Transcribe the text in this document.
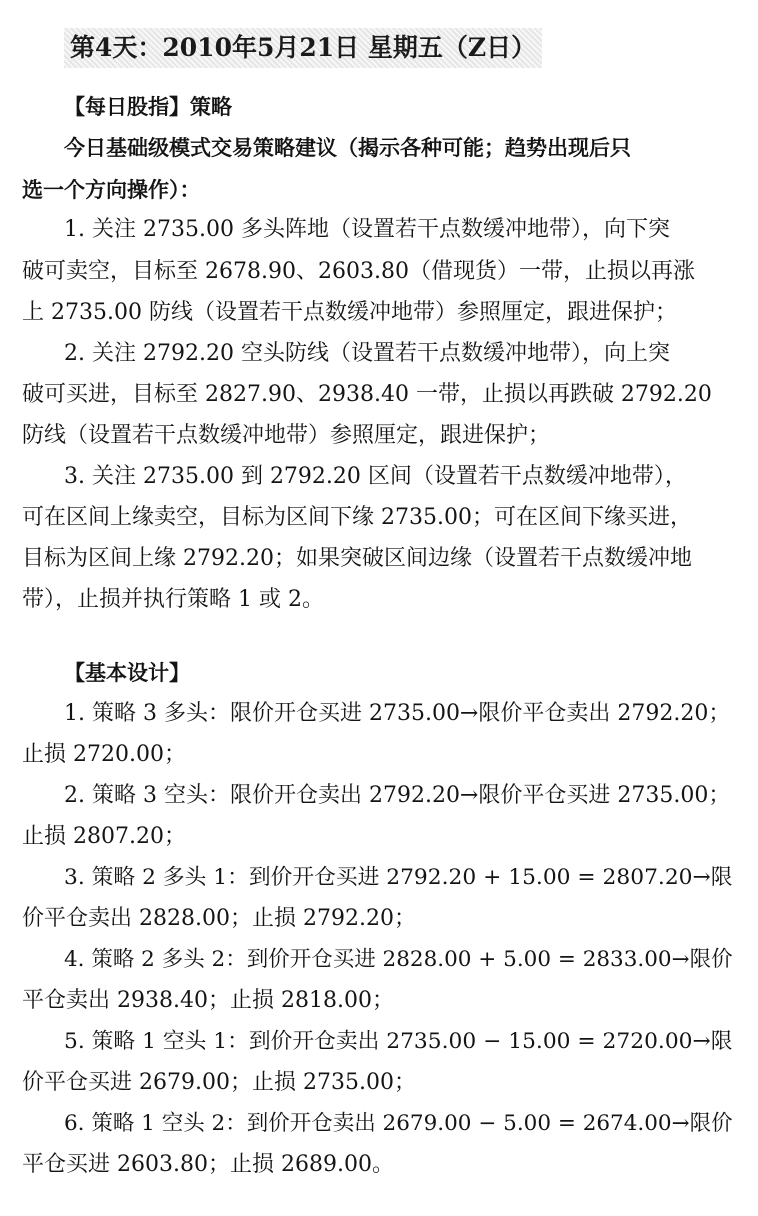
第4天：2010年5月21日 星期五（Z日）
【每日股指】策略
今日基础级模式交易策略建议（揭示各种可能；趋势出现后只
选一个方向操作）：
1. 关注 2735.00 多头阵地（设置若干点数缓冲地带），向下突
破可卖空，目标至 2678.90、2603.80（借现货）一带，止损以再涨
上 2735.00 防线（设置若干点数缓冲地带）参照厘定，跟进保护；
2. 关注 2792.20 空头防线（设置若干点数缓冲地带），向上突
破可买进，目标至 2827.90、2938.40 一带，止损以再跌破 2792.20
防线（设置若干点数缓冲地带）参照厘定，跟进保护；
3. 关注 2735.00 到 2792.20 区间（设置若干点数缓冲地带），
可在区间上缘卖空，目标为区间下缘 2735.00；可在区间下缘买进，
目标为区间上缘 2792.20；如果突破区间边缘（设置若干点数缓冲地
带），止损并执行策略 1 或 2。
【基本设计】
1. 策略 3 多头：限价开仓买进 2735.00→限价平仓卖出 2792.20；
止损 2720.00；
2. 策略 3 空头：限价开仓卖出 2792.20→限价平仓买进 2735.00；
止损 2807.20；
3. 策略 2 多头 1：到价开仓买进 2792.20 + 15.00 = 2807.20→限
价平仓卖出 2828.00；止损 2792.20；
4. 策略 2 多头 2：到价开仓买进 2828.00 + 5.00 = 2833.00→限价
平仓卖出 2938.40；止损 2818.00；
5. 策略 1 空头 1：到价开仓卖出 2735.00 − 15.00 = 2720.00→限
价平仓买进 2679.00；止损 2735.00；
6. 策略 1 空头 2：到价开仓卖出 2679.00 − 5.00 = 2674.00→限价
平仓买进 2603.80；止损 2689.00。
